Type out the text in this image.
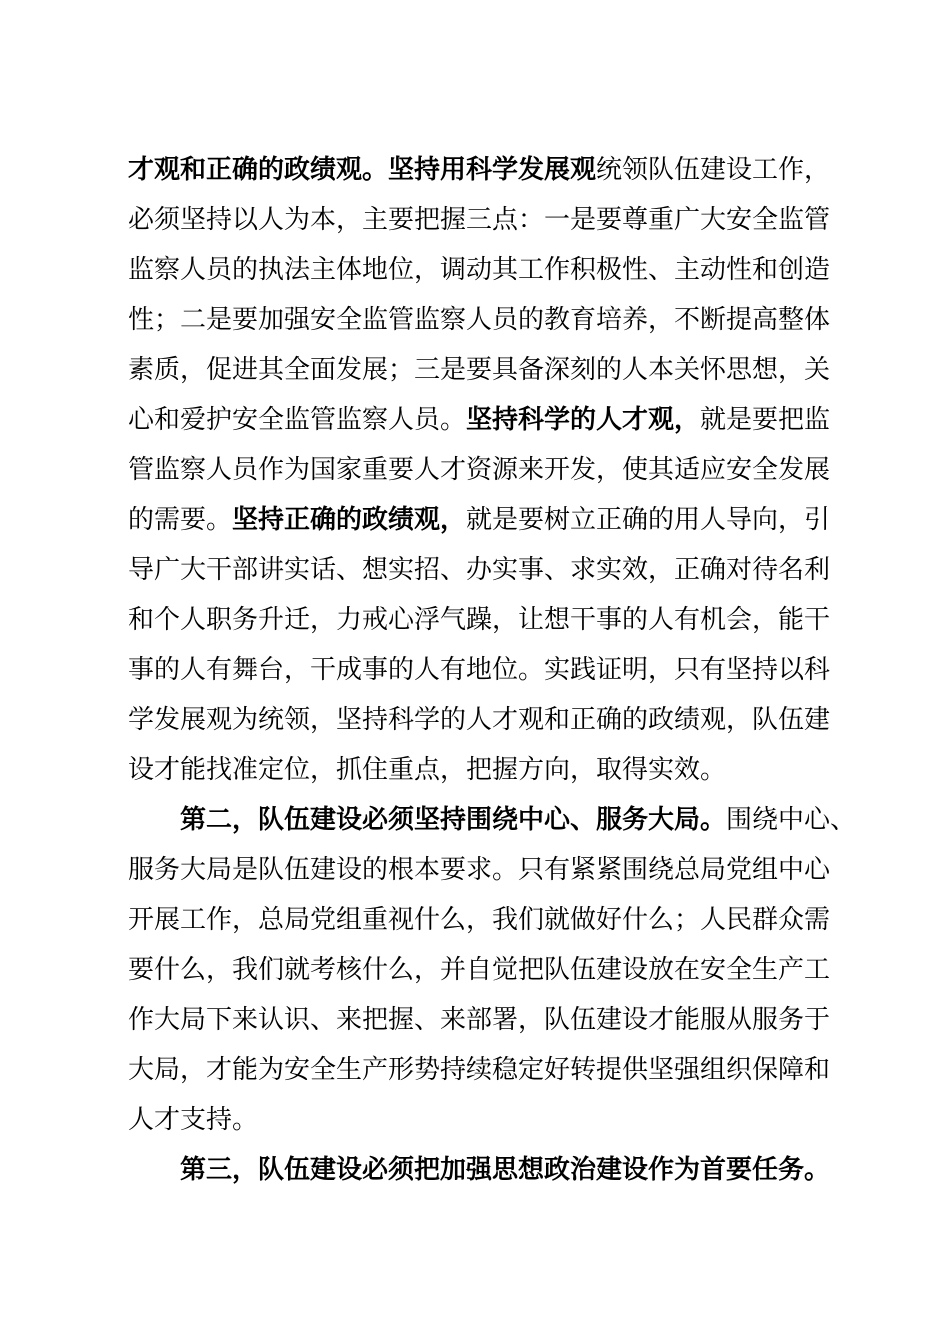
才观和正确的政绩观。坚持用科学发展观统领队伍建设工作，
必须坚持以人为本，主要把握三点：一是要尊重广大安全监管
监察人员的执法主体地位，调动其工作积极性、主动性和创造
性；二是要加强安全监管监察人员的教育培养，不断提高整体
素质，促进其全面发展；三是要具备深刻的人本关怀思想，关
心和爱护安全监管监察人员。坚持科学的人才观，就是要把监
管监察人员作为国家重要人才资源来开发，使其适应安全发展
的需要。坚持正确的政绩观，就是要树立正确的用人导向，引
导广大干部讲实话、想实招、办实事、求实效，正确对待名利
和个人职务升迁，力戒心浮气躁，让想干事的人有机会，能干
事的人有舞台，干成事的人有地位。实践证明，只有坚持以科
学发展观为统领，坚持科学的人才观和正确的政绩观，队伍建
设才能找准定位，抓住重点，把握方向，取得实效。
第二，队伍建设必须坚持围绕中心、服务大局。围绕中心、
服务大局是队伍建设的根本要求。只有紧紧围绕总局党组中心
开展工作，总局党组重视什么，我们就做好什么；人民群众需
要什么，我们就考核什么，并自觉把队伍建设放在安全生产工
作大局下来认识、来把握、来部署，队伍建设才能服从服务于
大局，才能为安全生产形势持续稳定好转提供坚强组织保障和
人才支持。
第三，队伍建设必须把加强思想政治建设作为首要任务。
